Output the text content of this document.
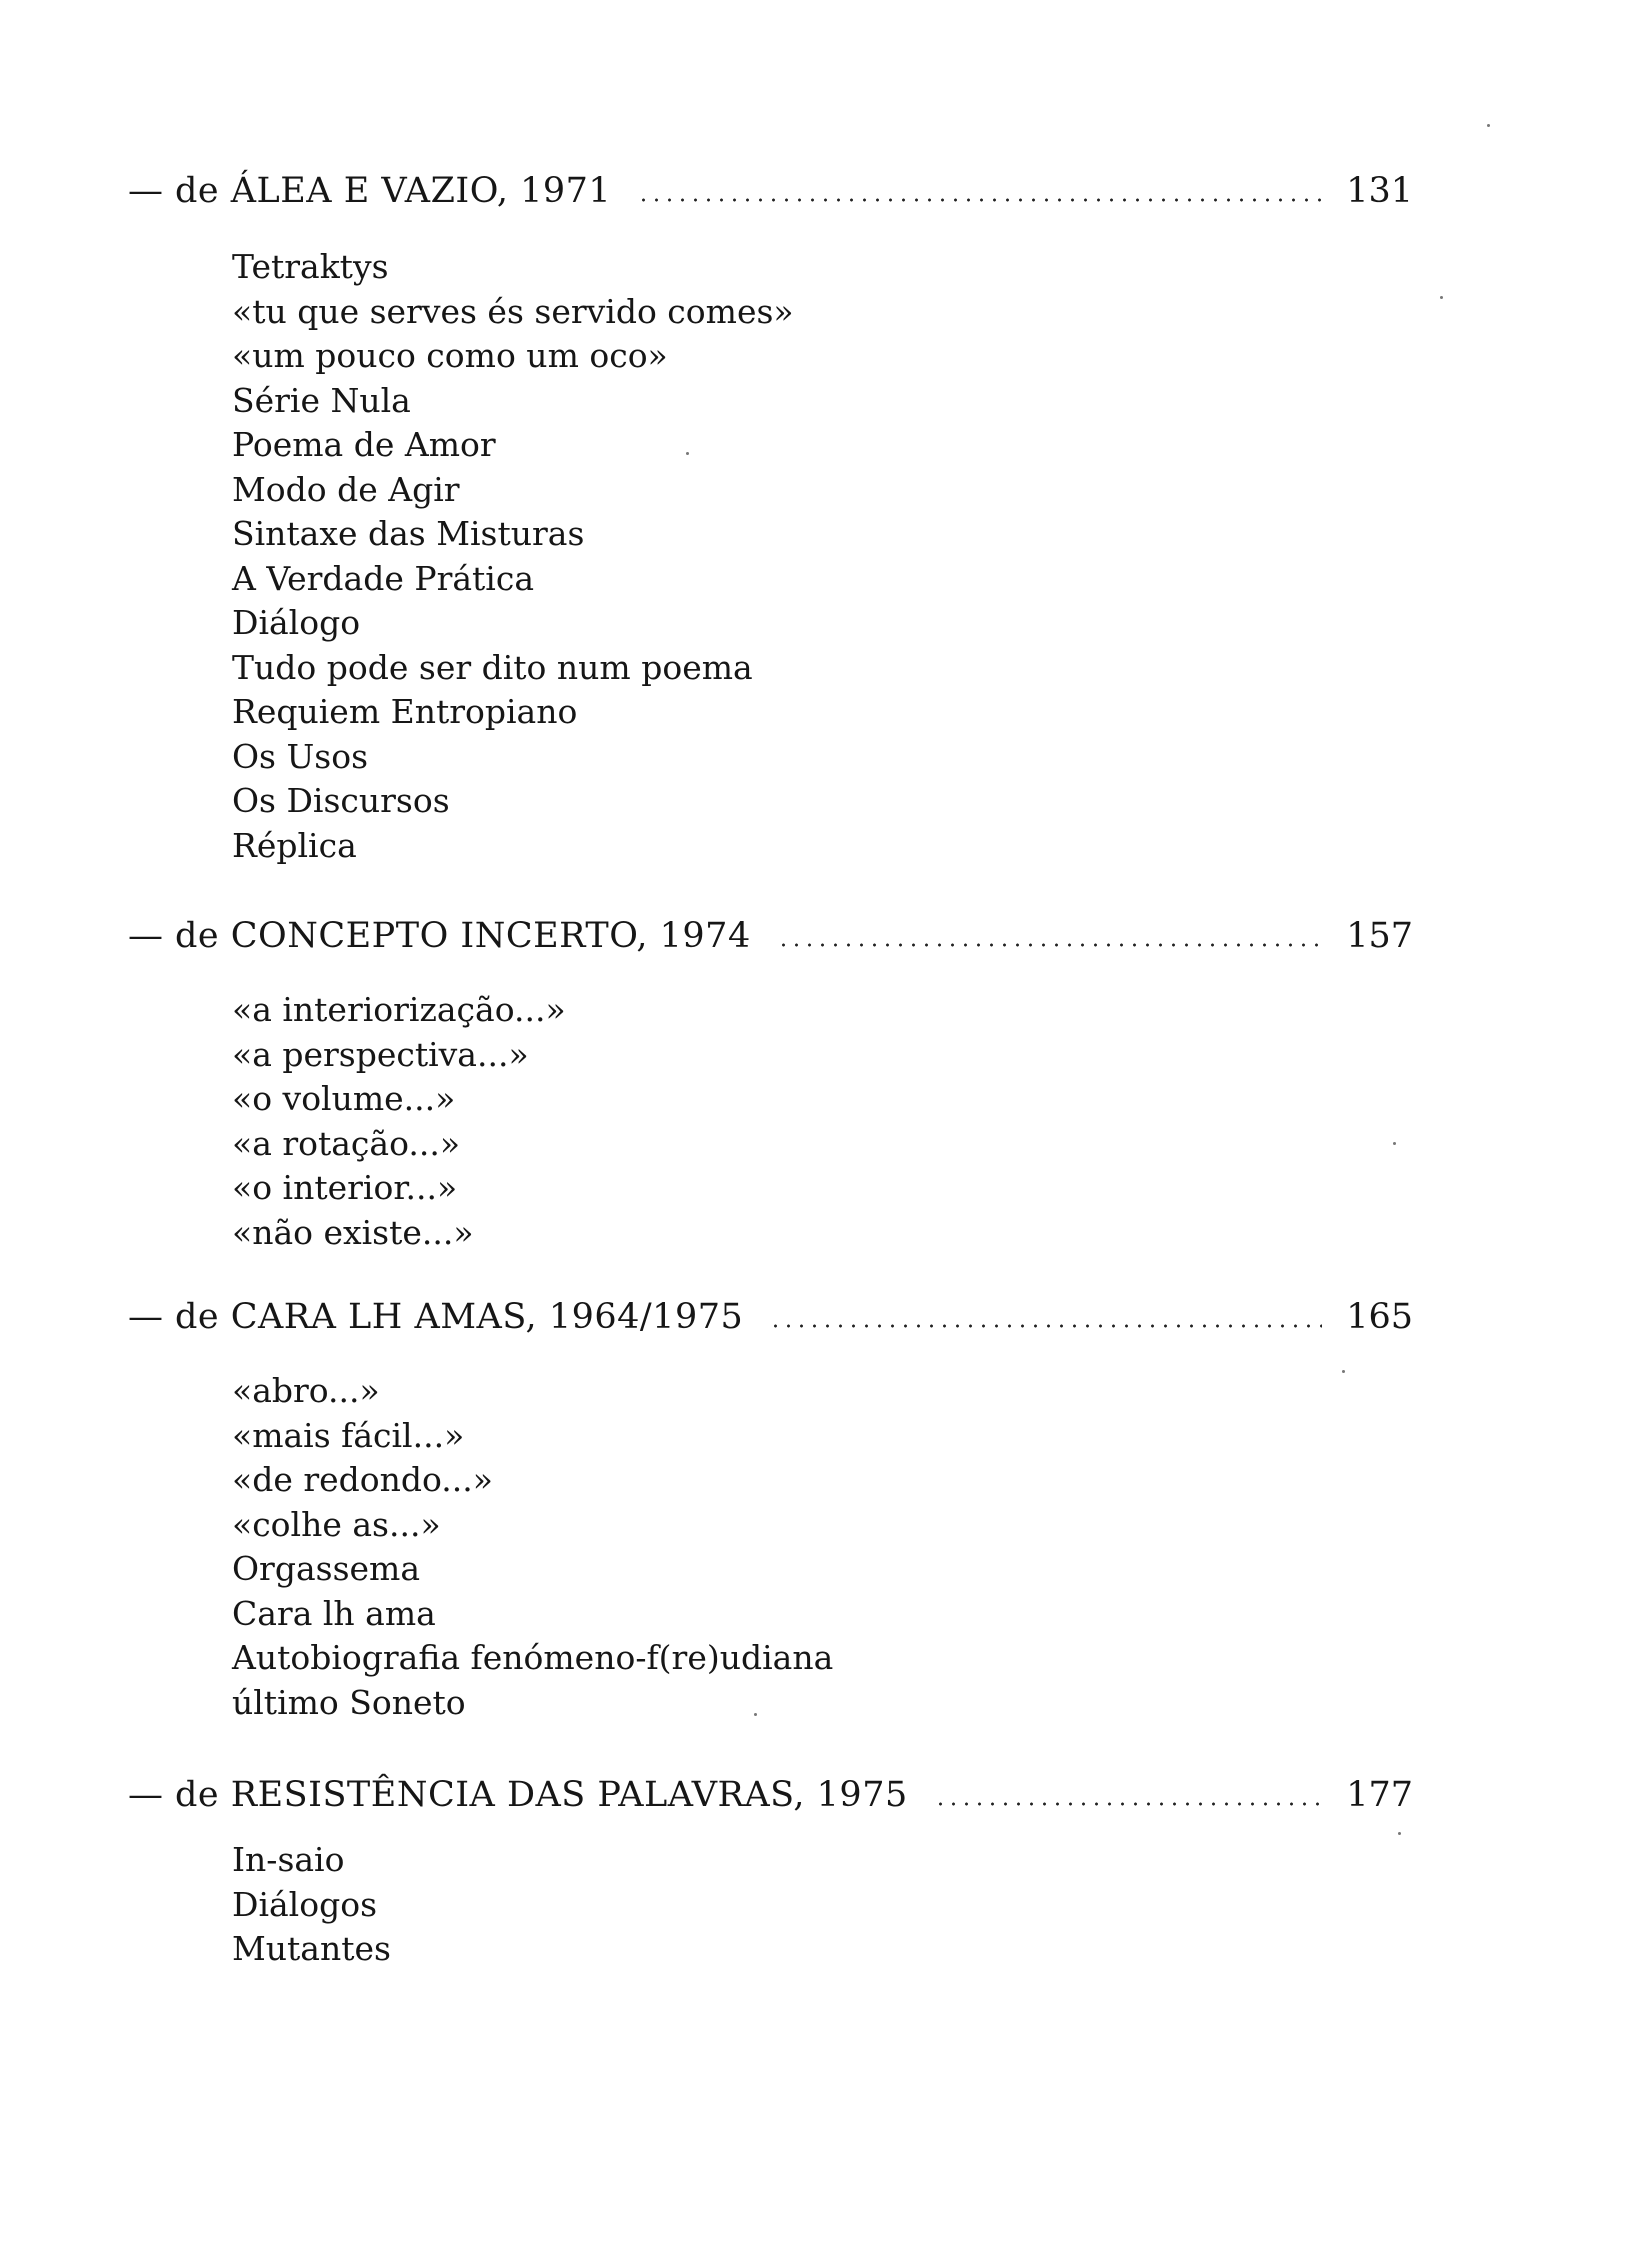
— de ÁLEA E VAZIO, 1971	131
Tetraktys
«tu que serves és servido comes»
«um pouco como um oco»
Série Nula
Poema de Amor
Modo de Agir
Sintaxe das Misturas
A Verdade Prática
Diálogo
Tudo pode ser dito num poema
Requiem Entropiano
Os Usos
Os Discursos
Réplica
— de CONCEPTO INCERTO, 1974	157
«a interiorização...»
«a perspectiva...»
«o volume...»
«a rotação...»
«o interior...»
«não existe...»
— de CARA LH AMAS, 1964/1975	165
«abro...»
«mais fácil...»
«de redondo...»
«colhe as...»
Orgassema
Cara lh ama
Autobiografia fenómeno-f(re)udiana
último Soneto
— de RESISTÊNCIA DAS PALAVRAS, 1975	177
In-saio
Diálogos
Mutantes
